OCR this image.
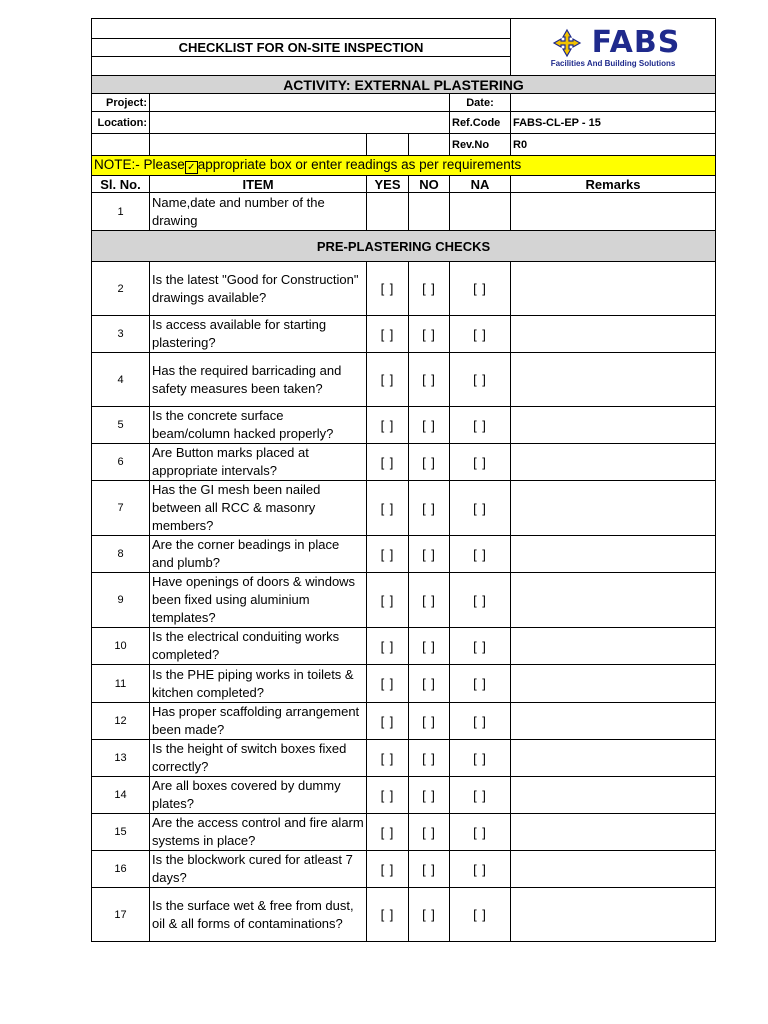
					FABS
Facilities And Building Solutions

CHECKLIST FOR ON-SITE INSPECTION					

ACTIVITY: EXTERNAL PLASTERING					
Project:				Date:	
Location:				Ref.Code	FABS-CL-EP - 15
				Rev.No	R0
NOTE:- Please ✓ appropriate box or enter readings as per requirements					
Sl. No.	ITEM	YES	NO	NA	Remarks
1	Name,date and number of the drawing				
PRE-PLASTERING CHECKS					
2	Is the latest "Good for Construction" drawings available?	[ ]	[ ]	[ ]	
3	Is access available for starting plastering?	[ ]	[ ]	[ ]	
4	Has the required barricading and safety measures been taken?	[ ]	[ ]	[ ]	
5	Is the concrete surface beam/column hacked properly?	[ ]	[ ]	[ ]	
6	Are Button marks placed at appropriate intervals?	[ ]	[ ]	[ ]	
7	Has the GI mesh been nailed between all RCC & masonry members?	[ ]	[ ]	[ ]	
8	Are the corner beadings in place and plumb?	[ ]	[ ]	[ ]	
9	Have openings of doors & windows been fixed using aluminium templates?	[ ]	[ ]	[ ]	
10	Is the electrical conduiting works completed?	[ ]	[ ]	[ ]	
11	Is the PHE piping works in toilets & kitchen completed?	[ ]	[ ]	[ ]	
12	Has proper scaffolding arrangement been made?	[ ]	[ ]	[ ]	
13	Is the height of switch boxes fixed correctly?	[ ]	[ ]	[ ]	
14	Are all boxes covered by dummy plates?	[ ]	[ ]	[ ]	
15	Are the access control and fire alarm systems in place?	[ ]	[ ]	[ ]	
16	Is the blockwork cured for atleast 7 days?	[ ]	[ ]	[ ]	
17	Is the surface wet & free from dust, oil & all forms of contaminations?	[ ]	[ ]	[ ]	
